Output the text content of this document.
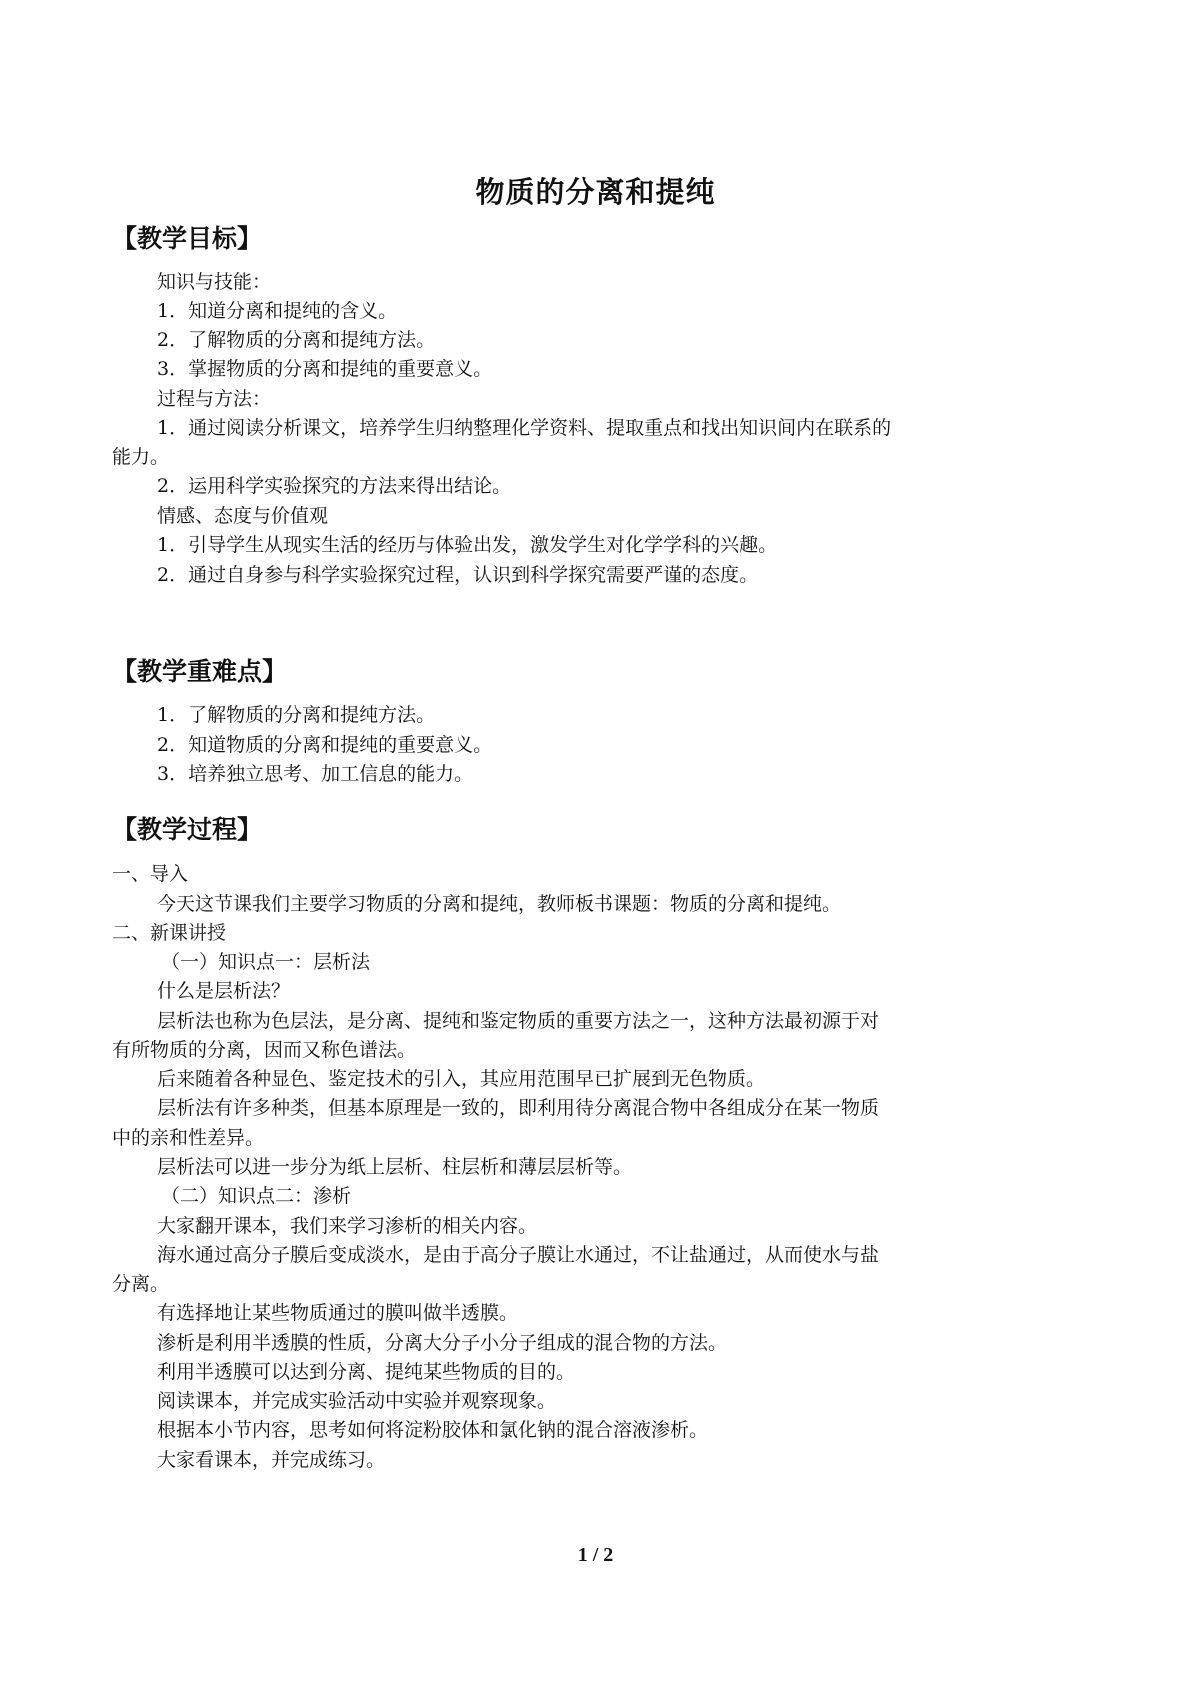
物质的分离和提纯
【教学目标】
知识与技能：
1．知道分离和提纯的含义。
2．了解物质的分离和提纯方法。
3．掌握物质的分离和提纯的重要意义。
过程与方法：
1．通过阅读分析课文，培养学生归纳整理化学资料、提取重点和找出知识间内在联系的
能力。
2．运用科学实验探究的方法来得出结论。
情感、态度与价值观
1．引导学生从现实生活的经历与体验出发，激发学生对化学学科的兴趣。
2．通过自身参与科学实验探究过程，认识到科学探究需要严谨的态度。
【教学重难点】
1．了解物质的分离和提纯方法。
2．知道物质的分离和提纯的重要意义。
3．培养独立思考、加工信息的能力。
【教学过程】
一、导入
今天这节课我们主要学习物质的分离和提纯，教师板书课题：物质的分离和提纯。
二、新课讲授
（一）知识点一：层析法
什么是层析法？
层析法也称为色层法，是分离、提纯和鉴定物质的重要方法之一，这种方法最初源于对
有所物质的分离，因而又称色谱法。
后来随着各种显色、鉴定技术的引入，其应用范围早已扩展到无色物质。
层析法有许多种类，但基本原理是一致的，即利用待分离混合物中各组成分在某一物质
中的亲和性差异。
层析法可以进一步分为纸上层析、柱层析和薄层层析等。
（二）知识点二：渗析
大家翻开课本，我们来学习渗析的相关内容。
海水通过高分子膜后变成淡水，是由于高分子膜让水通过，不让盐通过，从而使水与盐
分离。
有选择地让某些物质通过的膜叫做半透膜。
渗析是利用半透膜的性质，分离大分子小分子组成的混合物的方法。
利用半透膜可以达到分离、提纯某些物质的目的。
阅读课本，并完成实验活动中实验并观察现象。
根据本小节内容，思考如何将淀粉胶体和氯化钠的混合溶液渗析。
大家看课本，并完成练习。
1 / 2
